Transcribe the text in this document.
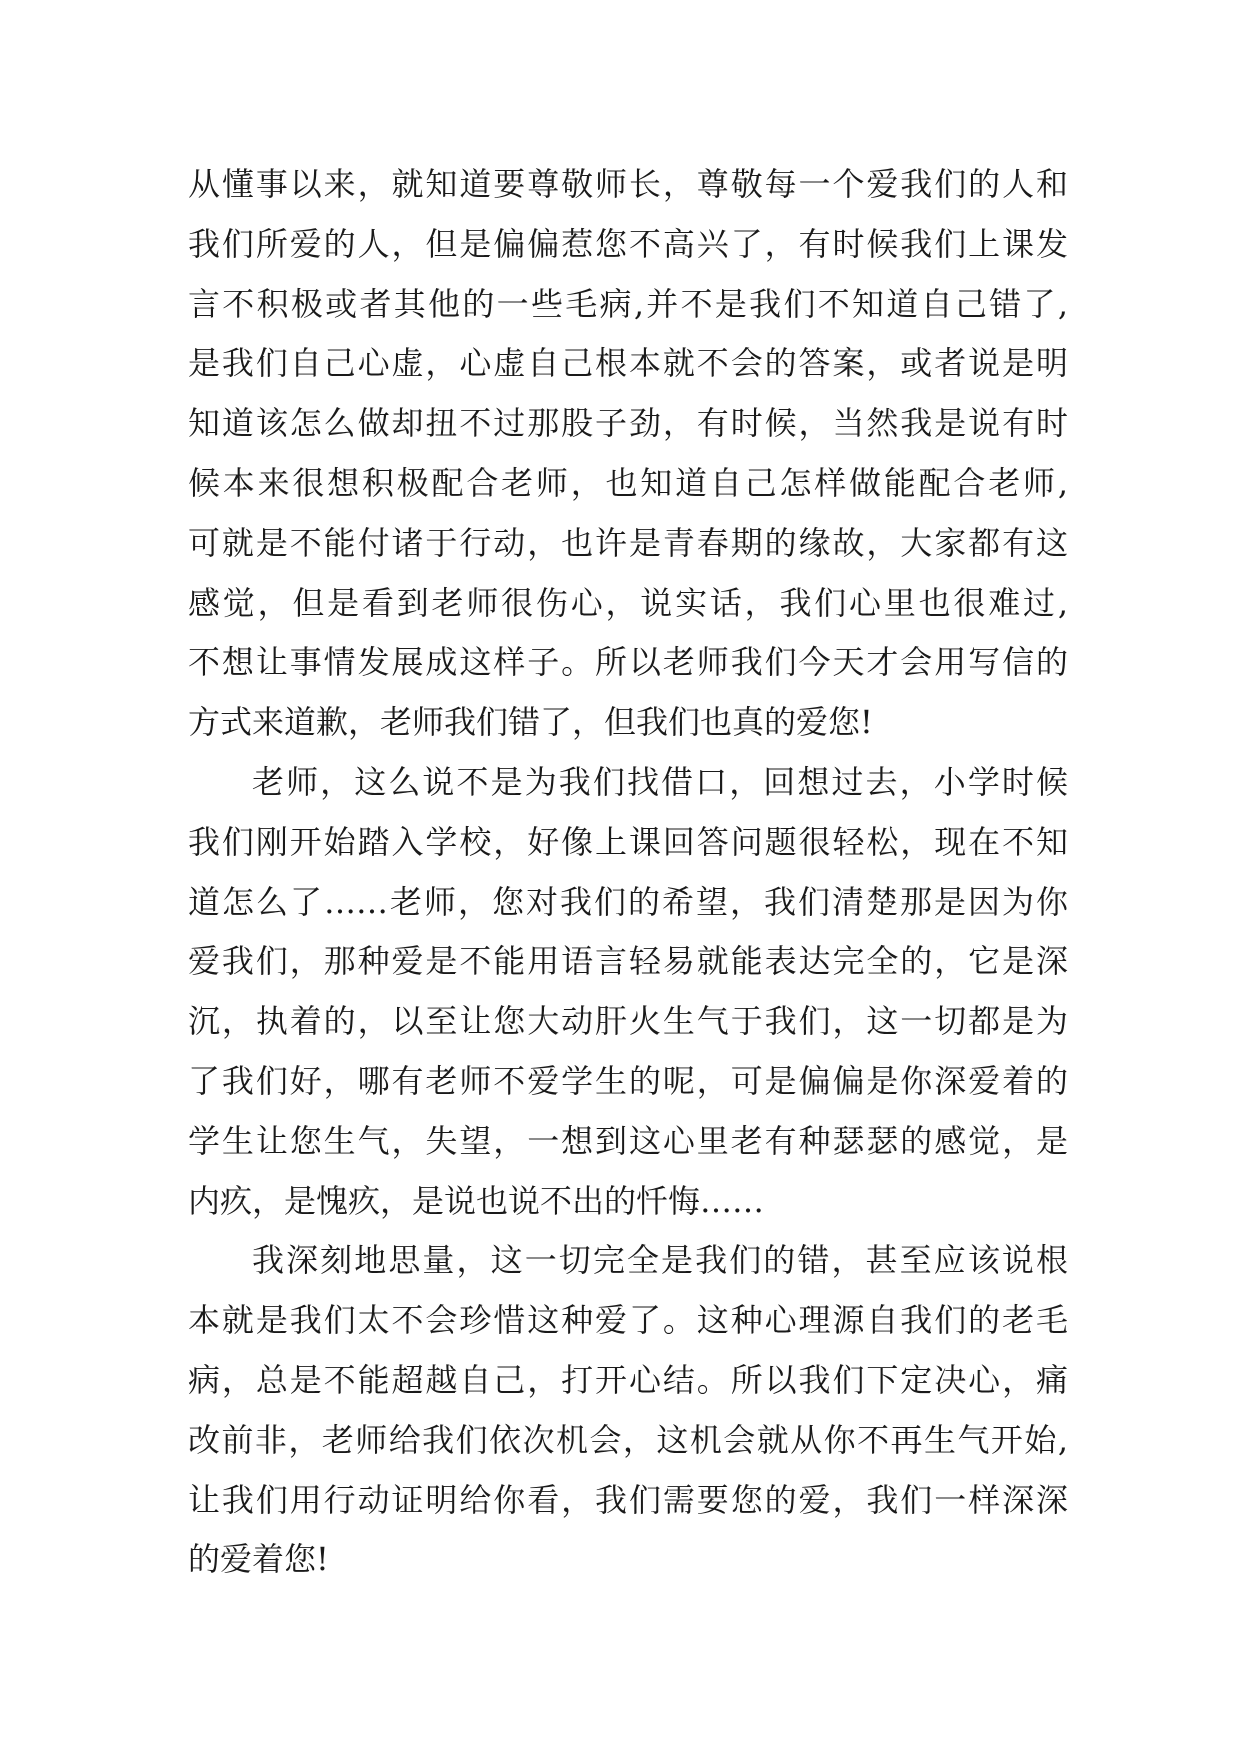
从懂事以来，就知道要尊敬师长，尊敬每一个爱我们的人和
我们所爱的人，但是偏偏惹您不高兴了，有时候我们上课发
言不积极或者其他的一些毛病,并不是我们不知道自己错了,
是我们自己心虚，心虚自己根本就不会的答案，或者说是明
知道该怎么做却扭不过那股子劲，有时候，当然我是说有时
候本来很想积极配合老师，也知道自己怎样做能配合老师,
可就是不能付诸于行动，也许是青春期的缘故，大家都有这
感觉，但是看到老师很伤心，说实话，我们心里也很难过,
不想让事情发展成这样子。所以老师我们今天才会用写信的
方式来道歉，老师我们错了，但我们也真的爱您!
老师，这么说不是为我们找借口，回想过去，小学时候
我们刚开始踏入学校，好像上课回答问题很轻松，现在不知
道怎么了……老师，您对我们的希望，我们清楚那是因为你
爱我们，那种爱是不能用语言轻易就能表达完全的，它是深
沉，执着的，以至让您大动肝火生气于我们，这一切都是为
了我们好，哪有老师不爱学生的呢，可是偏偏是你深爱着的
学生让您生气，失望，一想到这心里老有种瑟瑟的感觉，是
内疚，是愧疚，是说也说不出的忏悔……
我深刻地思量，这一切完全是我们的错，甚至应该说根
本就是我们太不会珍惜这种爱了。这种心理源自我们的老毛
病，总是不能超越自己，打开心结。所以我们下定决心，痛
改前非，老师给我们依次机会，这机会就从你不再生气开始,
让我们用行动证明给你看，我们需要您的爱，我们一样深深
的爱着您!
